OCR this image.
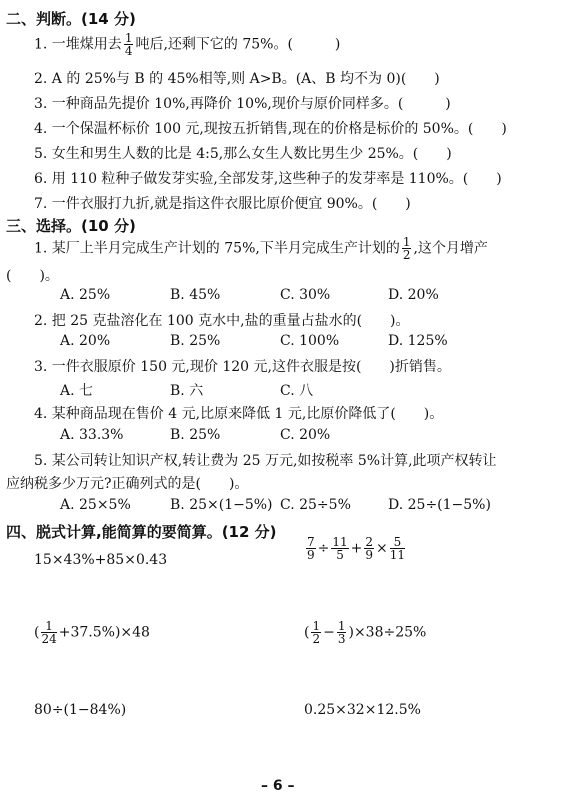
二、判断。(14 分)
1. 一堆煤用去 $\frac{1}{4}$ 吨后,还剩下它的 75%。(　　　)
2. A 的 25%与 B 的 45%相等,则 A>B。(A、B 均不为 0)(　　)
3. 一种商品先提价 10%,再降价 10%,现价与原价同样多。(　　　)
4. 一个保温杯标价 100 元,现按五折销售,现在的价格是标价的 50%。(　　)
5. 女生和男生人数的比是 4:5,那么女生人数比男生少 25%。(　　)
6. 用 110 粒种子做发芽实验,全部发芽,这些种子的发芽率是 110%。(　　)
7. 一件衣服打九折,就是指这件衣服比原价便宜 90%。(　　)
三、选择。(10 分)
1. 某厂上半月完成生产计划的 75%,下半月完成生产计划的 $\frac{1}{2}$ ,这个月增产
(　　)。
A. 25%	B. 45%	C. 30%	D. 20%
2. 把 25 克盐溶化在 100 克水中,盐的重量占盐水的(　　)。
A. 20%	B. 25%	C. 100%	D. 125%
3. 一件衣服原价 150 元,现价 120 元,这件衣服是按(　　)折销售。
A. 七	B. 六	C. 八
4. 某种商品现在售价 4 元,比原来降低 1 元,比原价降低了(　　)。
A. 33.3%	B. 25%	C. 20%
5. 某公司转让知识产权,转让费为 25 万元,如按税率 5%计算,此项产权转让
应纳税多少万元?正确列式的是(　　)。
A. 25×5%	B. 25×(1−5%) C. 25÷5%	D. 25÷(1−5%)
四、脱式计算,能简算的要简算。(12 分)
15×43%+85×0.43	$\frac{7}{9} \div \frac{11}{5} + \frac{2}{9} \times \frac{5}{11}$
( $\frac{1}{24} +37.5\%)\times 48$	( $\frac{1}{2} - \frac{1}{3} )\times 38\div 25\%$
80÷(1−84%)	0.25×32×12.5%
– 6 –
